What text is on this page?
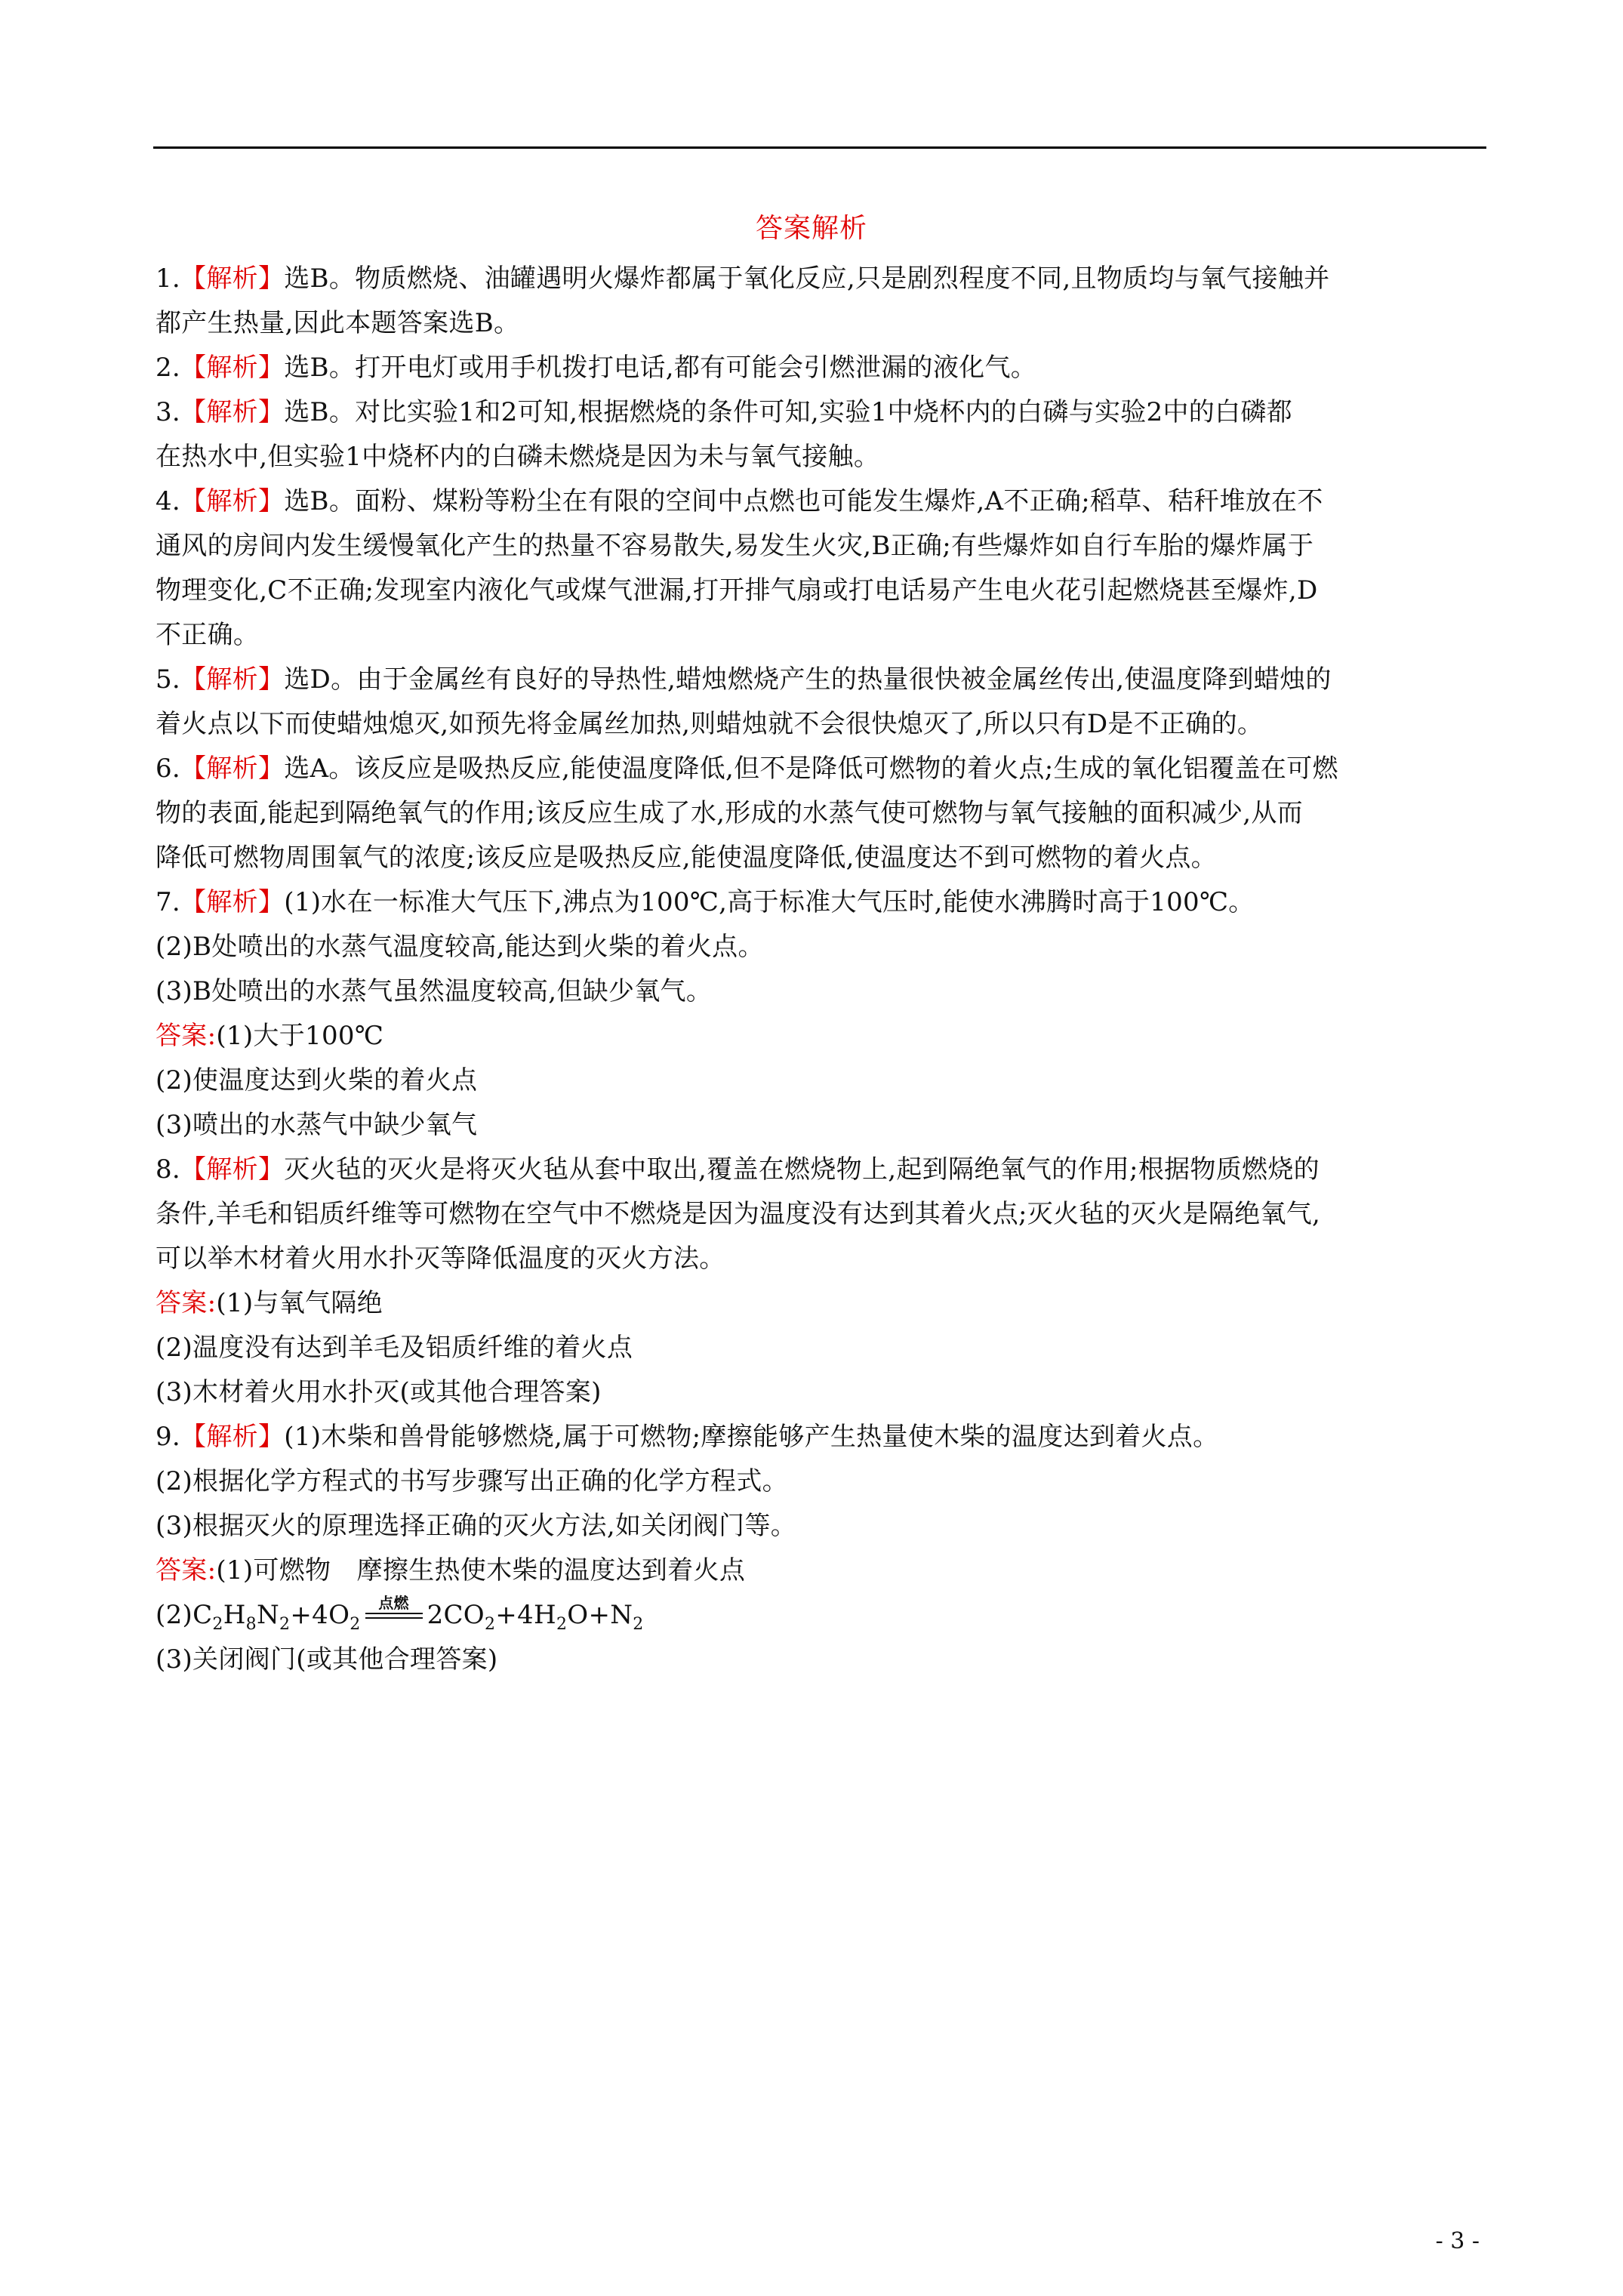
答案解析

1.【解析】选B。物质燃烧、油罐遇明火爆炸都属于氧化反应,只是剧烈程度不同,且物质均与氧气接触并

都产生热量,因此本题答案选B。

2.【解析】选B。打开电灯或用手机拨打电话,都有可能会引燃泄漏的液化气。

3.【解析】选B。对比实验1和2可知,根据燃烧的条件可知,实验1中烧杯内的白磷与实验2中的白磷都

在热水中,但实验1中烧杯内的白磷未燃烧是因为未与氧气接触。

4.【解析】选B。面粉、煤粉等粉尘在有限的空间中点燃也可能发生爆炸,A不正确;稻草、秸秆堆放在不

通风的房间内发生缓慢氧化产生的热量不容易散失,易发生火灾,B正确;有些爆炸如自行车胎的爆炸属于

物理变化,C不正确;发现室内液化气或煤气泄漏,打开排气扇或打电话易产生电火花引起燃烧甚至爆炸,D

不正确。

5.【解析】选D。由于金属丝有良好的导热性,蜡烛燃烧产生的热量很快被金属丝传出,使温度降到蜡烛的

着火点以下而使蜡烛熄灭,如预先将金属丝加热,则蜡烛就不会很快熄灭了,所以只有D是不正确的。

6.【解析】选A。该反应是吸热反应,能使温度降低,但不是降低可燃物的着火点;生成的氧化铝覆盖在可燃

物的表面,能起到隔绝氧气的作用;该反应生成了水,形成的水蒸气使可燃物与氧气接触的面积减少,从而

降低可燃物周围氧气的浓度;该反应是吸热反应,能使温度降低,使温度达不到可燃物的着火点。

7.【解析】(1)水在一标准大气压下,沸点为100℃,高于标准大气压时,能使水沸腾时高于100℃。

(2)B处喷出的水蒸气温度较高,能达到火柴的着火点。

(3)B处喷出的水蒸气虽然温度较高,但缺少氧气。

答案:(1)大于100℃

(2)使温度达到火柴的着火点

(3)喷出的水蒸气中缺少氧气

8.【解析】灭火毡的灭火是将灭火毡从套中取出,覆盖在燃烧物上,起到隔绝氧气的作用;根据物质燃烧的

条件,羊毛和铝质纤维等可燃物在空气中不燃烧是因为温度没有达到其着火点;灭火毡的灭火是隔绝氧气,

可以举木材着火用水扑灭等降低温度的灭火方法。

答案:(1)与氧气隔绝

(2)温度没有达到羊毛及铝质纤维的着火点

(3)木材着火用水扑灭(或其他合理答案)

9.【解析】(1)木柴和兽骨能够燃烧,属于可燃物;摩擦能够产生热量使木柴的温度达到着火点。

(2)根据化学方程式的书写步骤写出正确的化学方程式。

(3)根据灭火的原理选择正确的灭火方法,如关闭阀门等。

答案:(1)可燃物　摩擦生热使木柴的温度达到着火点

$(2)C_2H_8N_2+4O_2$
点燃 $2CO_2+4H_2O+N_2$

(3)关闭阀门(或其他合理答案)

- 3 -
